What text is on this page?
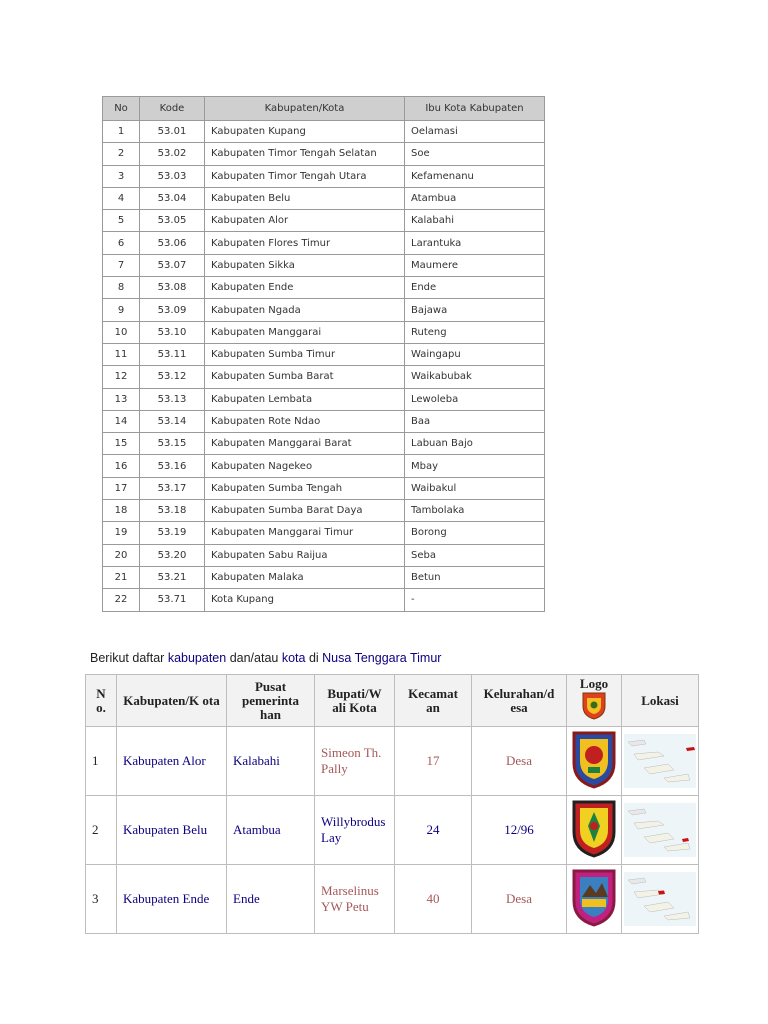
No	Kode	Kabupaten/Kota	Ibu Kota Kabupaten
1	53.01	Kabupaten Kupang	Oelamasi
2	53.02	Kabupaten Timor Tengah Selatan	Soe
3	53.03	Kabupaten Timor Tengah Utara	Kefamenanu
4	53.04	Kabupaten Belu	Atambua
5	53.05	Kabupaten Alor	Kalabahi
6	53.06	Kabupaten Flores Timur	Larantuka
7	53.07	Kabupaten Sikka	Maumere
8	53.08	Kabupaten Ende	Ende
9	53.09	Kabupaten Ngada	Bajawa
10	53.10	Kabupaten Manggarai	Ruteng
11	53.11	Kabupaten Sumba Timur	Waingapu
12	53.12	Kabupaten Sumba Barat	Waikabubak
13	53.13	Kabupaten Lembata	Lewoleba
14	53.14	Kabupaten Rote Ndao	Baa
15	53.15	Kabupaten Manggarai Barat	Labuan Bajo
16	53.16	Kabupaten Nagekeo	Mbay
17	53.17	Kabupaten Sumba Tengah	Waibakul
18	53.18	Kabupaten Sumba Barat Daya	Tambolaka
19	53.19	Kabupaten Manggarai Timur	Borong
20	53.20	Kabupaten Sabu Raijua	Seba
21	53.21	Kabupaten Malaka	Betun
22	53.71	Kota Kupang	-
Berikut daftar kabupaten dan/atau kota di Nusa Tenggara Timur
N o.	Kabupaten/K ota	Pusat pemerinta han	Bupati/W ali Kota	Kecamat an	Kelurahan/d esa	Logo	Lokasi
1	Kabupaten Alor	Kalabahi	Simeon Th. Pally	17	Desa		

2	Kabupaten Belu	Atambua	Willybrodus Lay	24	12/96		

3	Kabupaten Ende	Ende	Marselinus YW Petu	40	Desa		
